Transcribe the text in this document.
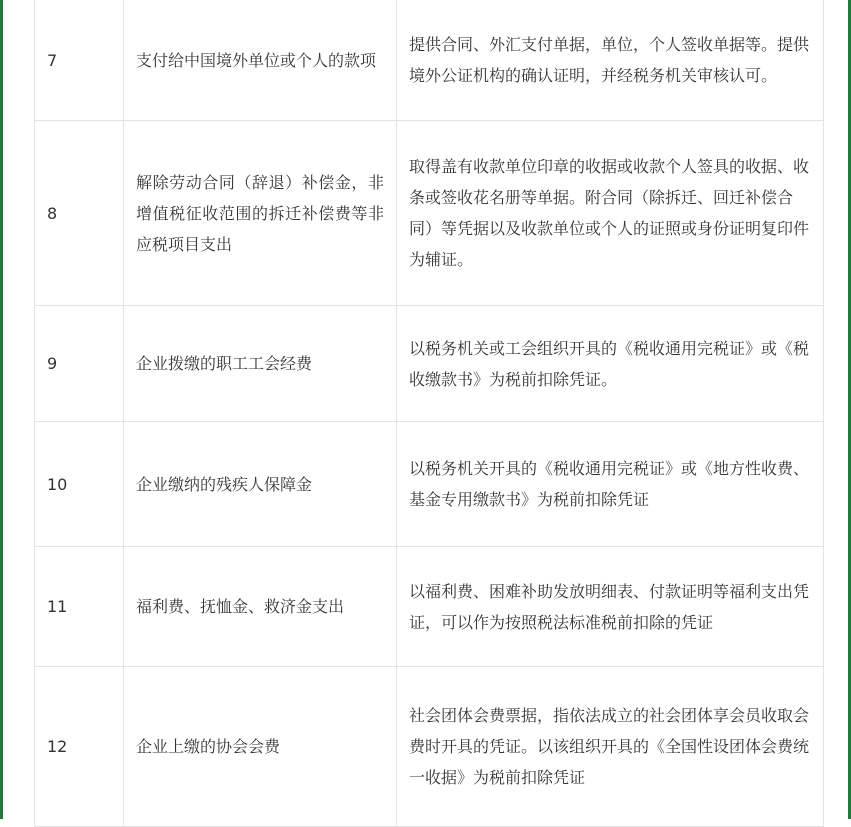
7	支付给中国境外单位或个人的款项	提供合同、外汇支付单据，单位，个人签收单据等。提供境外公证机构的确认证明，并经税务机关审核认可。
8	解除劳动合同（辞退）补偿金，非增值税征收范围的拆迁补偿费等非应税项目支出	取得盖有收款单位印章的收据或收款个人签具的收据、收条或签收花名册等单据。附合同（除拆迁、回迁补偿合同）等凭据以及收款单位或个人的证照或身份证明复印件为辅证。
9	企业拨缴的职工工会经费	以税务机关或工会组织开具的《税收通用完税证》或《税收缴款书》为税前扣除凭证。
10	企业缴纳的残疾人保障金	以税务机关开具的《税收通用完税证》或《地方性收费、基金专用缴款书》为税前扣除凭证
11	福利费、抚恤金、救济金支出	以福利费、困难补助发放明细表、付款证明等福利支出凭证，可以作为按照税法标准税前扣除的凭证
12	企业上缴的协会会费	社会团体会费票据，指依法成立的社会团体享会员收取会费时开具的凭证。以该组织开具的《全国性设团体会费统一收据》为税前扣除凭证
